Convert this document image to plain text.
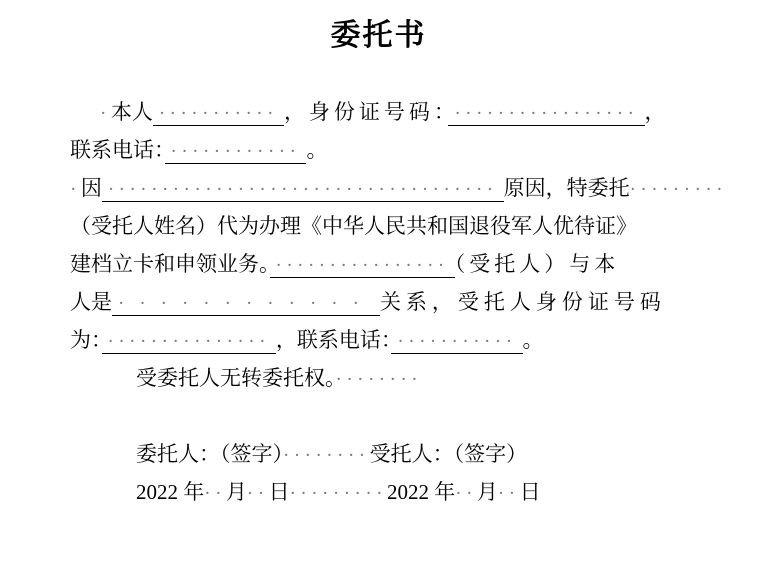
委托书
·本人 ··········· ，身份证号码： ················· ，
联系电话： ············ 。
·因 ···································· 原因，特委托·········
（受托人姓名）代为办理《中华人民共和国退役军人优待证》
建档立卡和申领业务。 ················ （受托人）与本
人是 ············ 关系，受托人身份证号码
为： ··············· ，联系电话： ··········· 。
受委托人无转委托权。········
委托人：（签字）········受托人：（签字）
2022 年··月··日·········2022 年··月··日
